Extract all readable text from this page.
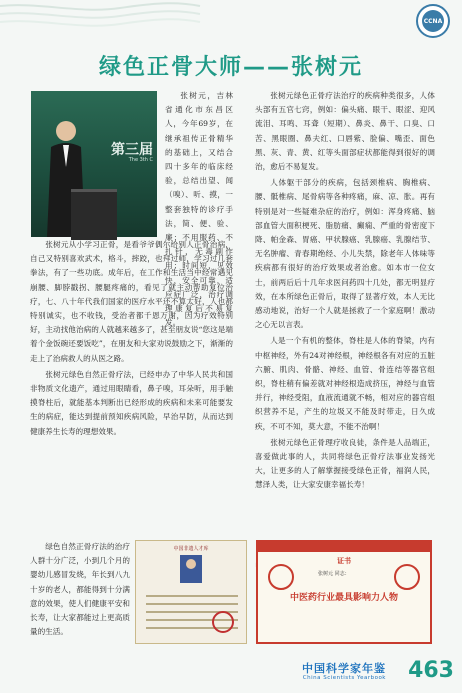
CCNA
绿色正骨大师——张树元
第三届
The 3th C

张树元，吉林省通化市东昌区人，今年69岁，在继承祖传正骨精华的基础上，又结合四十多年的临床经验，总结出望、闻（嗅）、听、摸，一整套独特的诊疗手法，简、便、验、廉；不用服药、不扎针，无毒副作用；时间短，见效快，安全可靠，适应症广泛，治疗调理康复后不易复发。

张树元从小学习正骨，是看爷爷偶尔给别人正骨治病，自己又特别喜欢武术，格斗，摔跤，也拜过师，学习过几套拳法，有了一些功底。成年后，在工作和生活当中经常遇见崩腰、脚脖戳拐、腰腿疼痛的，看见了就主动帮助复位治疗，七、八十年代我们国家的医疗水平还不算太好，人也都特别诚实，也不收钱，受治者都千恩万谢，因为疗效特别好，主动找他治病的人就越来越多了，甚至朋友说“您这是端着个金饭碗还要饭吃”，在朋友和大家劝说鼓励之下，渐渐的走上了治病救人的从医之路。

张树元绿色自然正骨疗法，已经申办了中华人民共和国非物质文化遗产，通过用眼睛看，鼻子嗅，耳朵听，用手触摸脊柱后，就能基本判断出已经形成的疾病和未来可能要发生的病症，能达到提前预知疾病风险，早治早防，从而达到健康养生长寿的理想效果。

绿色自然正骨疗法的治疗人群十分广泛，小到几个月的婴幼儿感冒发烧，年长到八九十岁的老人，都能得到十分满意的效果，使人们健康平安和长寿，让大家都能过上更高质量的生活。

张树元绿色正骨疗法治疗的疾病种类很多，人体头部有五官七窍，例如：偏头痛、眼干、眼涩、迎风流泪、耳鸣、耳聋（短期）、鼻炎、鼻干、口臭、口苦、黑眼圈、鼻夫红、口唇紫、脸偏、嘴歪、面色黑、灰、青、黄、红等头面部症状都能得到很好的调治，愈后不易复发。

人体躯干部分的疾病，包括颈椎病、胸椎病、腰、骶椎病、尾骨病等各种疼痛，麻、凉、胀。再有特别是对一些疑难杂症的治疗，例如：浑身疼痛、脑部血管大面积梗死、脂肪痛、癫痫、严重的骨密度下降、帕金森、胃癌、甲状腺癌、乳腺癌、乳腺结节、无名肿瘤、青春期绝经、小儿失禁，除老年人体味等疾病都有很好的治疗效果或者治愈。如本市一位女士，前两后后十几年求医问药四十几处，都无明显疗效，在本所绿色正骨后，取得了显著疗效，本人无比感动地说，治好一个人就是拯救了一个家庭啊！激动之心无以言表。

人是一个有机的整体，脊柱是人体的脊梁，内有中枢神经，外有24对神经根，神经根各有对应的五脏六腑、肌肉、骨骼、神经、血管、骨连结等器官组织，脊柱稍有偏差就对神经根造成挤压，神经与血管并行，神经受阻，血液流通就不畅，相对应的器官组织营养不足，产生的垃圾又不能及时带走，日久成疾，不可不知，莫大意，不能不治啊！

张树元绿色正骨理疗收良徒，条件是人品端正，喜爱做此事的人，共同将绿色正骨疗法事业发扬光大，让更多的人了解掌握接受绿色正骨，福润人民，慧泽人类，让大家安康幸福长寿！

中国非遗人才库
证书
张树元 同志：
中医药行业最具影响力人物
中国科学家年鉴
China Scientists Yearbook 463
